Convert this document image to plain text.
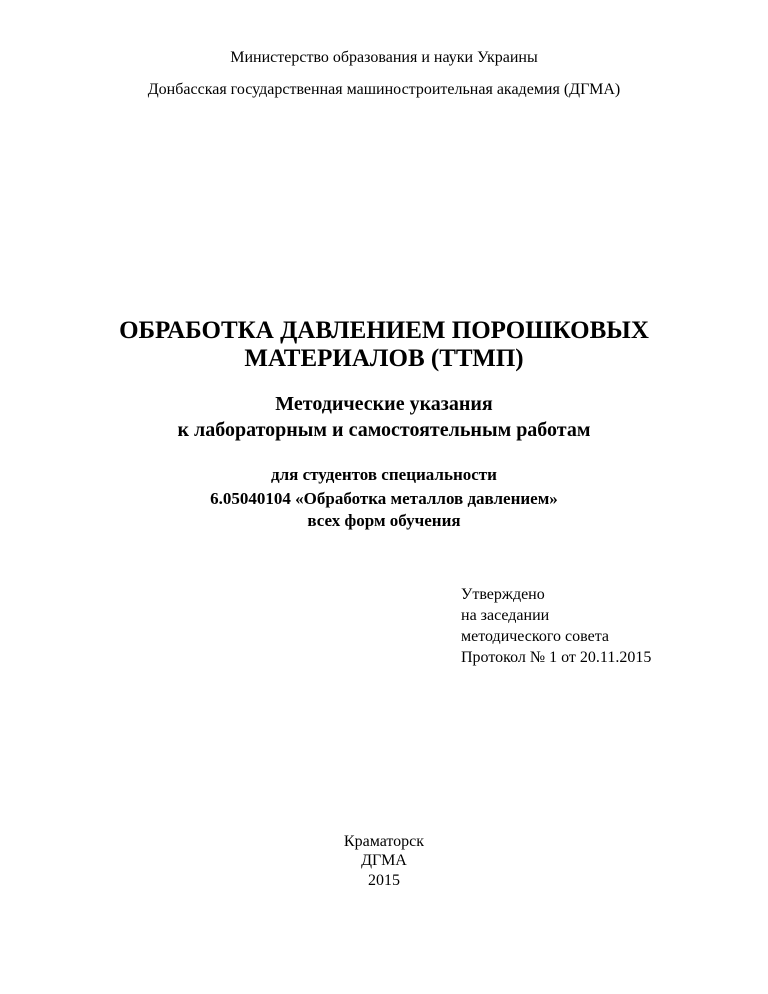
Министерство образования и науки Украины
Донбасская государственная машиностроительная академия (ДГМА)
ОБРАБОТКА ДАВЛЕНИЕМ ПОРОШКОВЫХ
МАТЕРИАЛОВ (ТТМП)
Методические указания
к лабораторным и самостоятельным работам
для студентов специальности
6.05040104 «Обработка металлов давлением»
всех форм обучения
Утверждено
на заседании
методического совета
Протокол № 1 от 20.11.2015
Краматорск
ДГМА
2015
